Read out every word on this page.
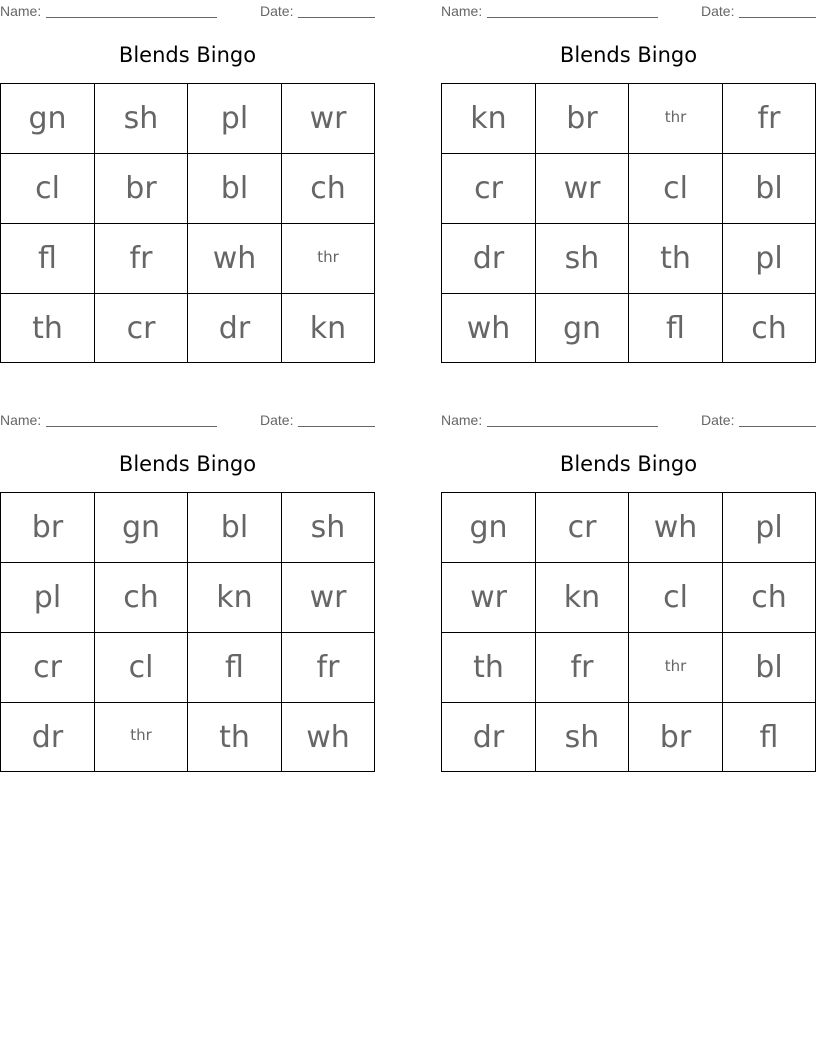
Name:	Date:
Blends Bingo
gn	sh	pl	wr
cl	br	bl	ch
fl	fr	wh	thr
th	cr	dr	kn
Name:	Date:
Blends Bingo
kn	br	thr	fr
cr	wr	cl	bl
dr	sh	th	pl
wh	gn	fl	ch
Name:	Date:
Blends Bingo
br	gn	bl	sh
pl	ch	kn	wr
cr	cl	fl	fr
dr	thr	th	wh
Name:	Date:
Blends Bingo
gn	cr	wh	pl
wr	kn	cl	ch
th	fr	thr	bl
dr	sh	br	fl
